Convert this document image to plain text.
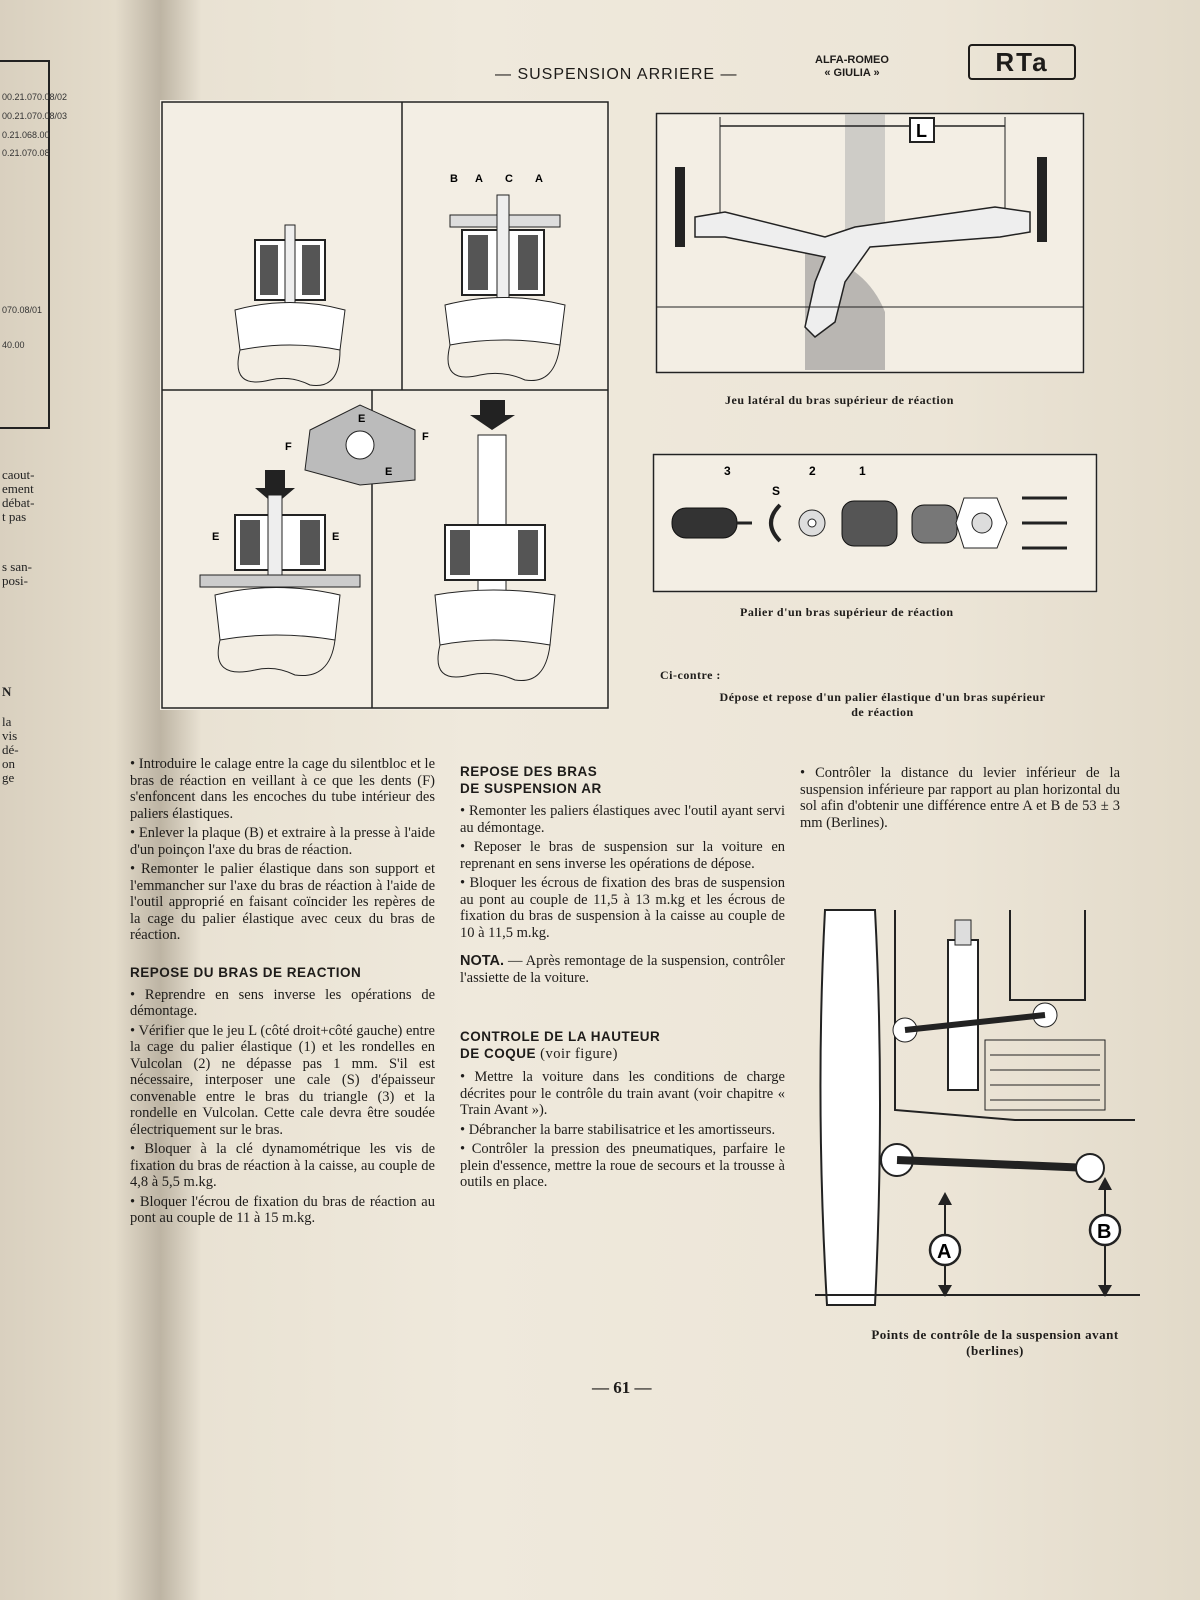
00.21.070.08/02
00.21.070.08/03
0.21.068.00
0.21.070.08
070.08/01
40.00
caout-
ement
débat-
t pas
s san-
posi-
N
la
vis
dé-
on
ge
— SUSPENSION ARRIERE —
ALFA-ROMEO
« GIULIA »	RTa
B A C A
F
F
E
E
E	E
L
Jeu latéral du bras supérieur de réaction
3
S
2	1
Palier d'un bras supérieur de réaction
Ci-contre :
Dépose et repose d'un palier élastique d'un bras supérieur
de réaction

• Introduire le calage entre la cage du silentbloc et le bras de réaction en veillant à ce que les dents (F) s'enfoncent dans les encoches du tube intérieur des paliers élastiques.

• Enlever la plaque (B) et extraire à la presse à l'aide d'un poinçon l'axe du bras de réaction.

• Remonter le palier élastique dans son support et l'emmancher sur l'axe du bras de réaction à l'aide de l'outil approprié en faisant coïncider les repères de la cage du palier élastique avec ceux du bras de réaction.

REPOSE DU BRAS DE REACTION

• Reprendre en sens inverse les opérations de démontage.

• Vérifier que le jeu L (côté droit+côté gauche) entre la cage du palier élastique (1) et les rondelles en Vulcolan (2) ne dépasse pas 1 mm. S'il est nécessaire, interposer une cale (S) d'épaisseur convenable entre le bras du triangle (3) et la rondelle en Vulcolan. Cette cale devra être soudée électriquement sur le bras.

• Bloquer à la clé dynamométrique les vis de fixation du bras de réaction à la caisse, au couple de 4,8 à 5,5 m.kg.

• Bloquer l'écrou de fixation du bras de réaction au pont au couple de 11 à 15 m.kg.

REPOSE DES BRAS
DE SUSPENSION AR

• Remonter les paliers élastiques avec l'outil ayant servi au démontage.

• Reposer le bras de suspension sur la voiture en reprenant en sens inverse les opérations de dépose.

• Bloquer les écrous de fixation des bras de suspension au pont au couple de 11,5 à 13 m.kg et les écrous de fixation du bras de suspension à la caisse au couple de 10 à 11,5 m.kg.

NOTA. — Après remontage de la suspension, contrôler l'assiette de la voiture.

CONTROLE DE LA HAUTEUR
DE COQUE (voir figure)

• Mettre la voiture dans les conditions de charge décrites pour le contrôle du train avant (voir chapitre « Train Avant »).

• Débrancher la barre stabilisatrice et les amortisseurs.

• Contrôler la pression des pneumatiques, parfaire le plein d'essence, mettre la roue de secours et la trousse à outils en place.

• Contrôler la distance du levier inférieur de la suspension inférieure par rapport au plan horizontal du sol afin d'obtenir une différence entre A et B de 53 ± 3 mm (Berlines).

A
B
Points de contrôle de la suspension avant
(berlines)
— 61 —
